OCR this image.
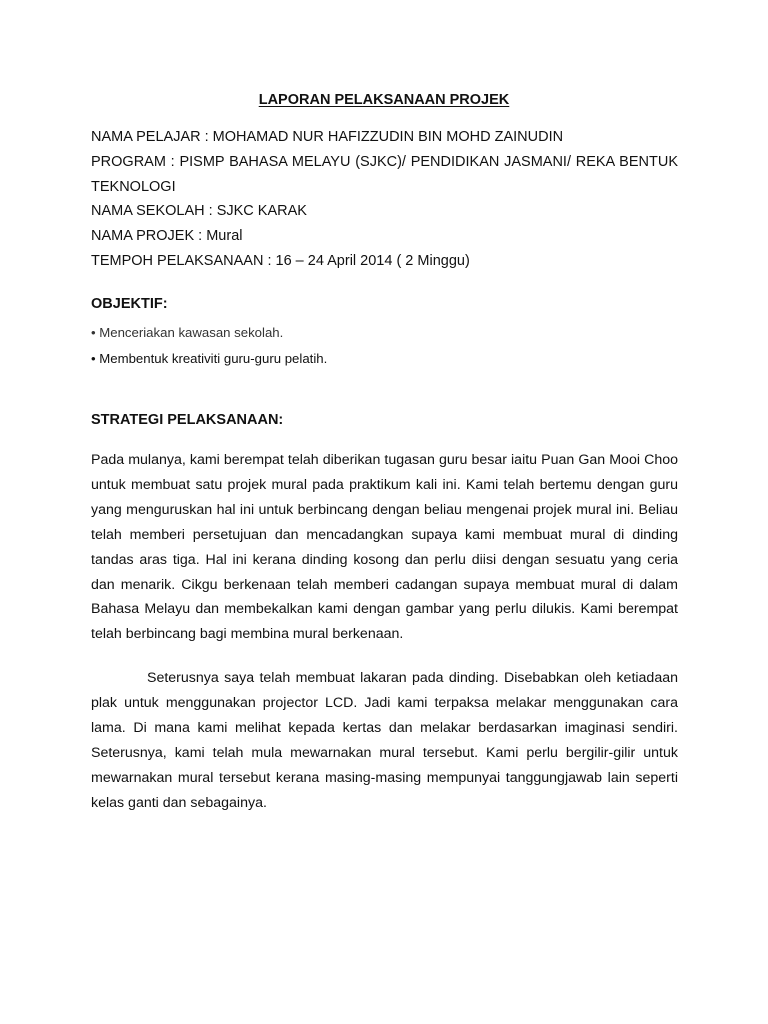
LAPORAN PELAKSANAAN PROJEK
NAMA PELAJAR : MOHAMAD NUR HAFIZZUDIN BIN MOHD ZAINUDIN
PROGRAM : PISMP BAHASA MELAYU (SJKC)/ PENDIDIKAN JASMANI/ REKA BENTUK TEKNOLOGI
NAMA SEKOLAH : SJKC KARAK
NAMA PROJEK : Mural
TEMPOH PELAKSANAAN : 16 – 24 April 2014 ( 2 Minggu)
OBJEKTIF:
• Menceriakan kawasan sekolah.
• Membentuk kreativiti guru-guru pelatih.
STRATEGI PELAKSANAAN:
Pada mulanya, kami berempat telah diberikan tugasan guru besar iaitu Puan Gan Mooi Choo untuk membuat satu projek mural pada praktikum kali ini. Kami telah bertemu dengan guru yang menguruskan hal ini untuk berbincang dengan beliau mengenai projek mural ini. Beliau telah memberi persetujuan dan mencadangkan supaya kami membuat mural di dinding tandas aras tiga. Hal ini kerana dinding kosong dan perlu diisi dengan sesuatu yang ceria dan menarik. Cikgu berkenaan telah memberi cadangan supaya membuat mural di dalam Bahasa Melayu dan membekalkan kami dengan gambar yang perlu dilukis. Kami berempat telah berbincang bagi membina mural berkenaan.
Seterusnya saya telah membuat lakaran pada dinding. Disebabkan oleh ketiadaan plak untuk menggunakan projector LCD. Jadi kami terpaksa melakar menggunakan cara lama. Di mana kami melihat kepada kertas dan melakar berdasarkan imaginasi sendiri. Seterusnya, kami telah mula mewarnakan mural tersebut. Kami perlu bergilir-gilir untuk mewarnakan mural tersebut kerana masing-masing mempunyai tanggungjawab lain seperti kelas ganti dan sebagainya.
